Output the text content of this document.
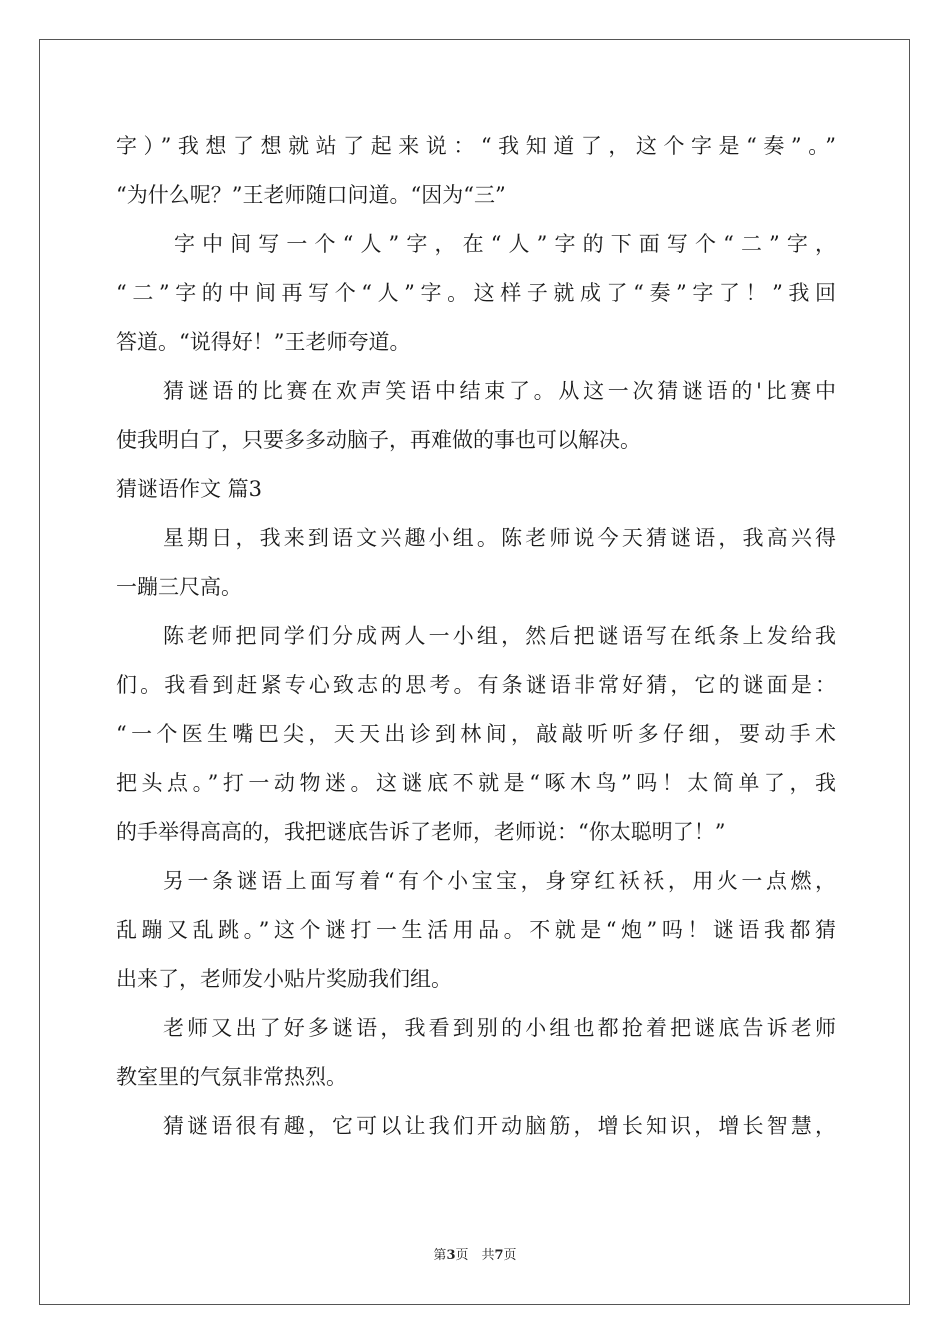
字）”我想了想就站了起来说：“我知道了，这个字是“奏”。”
“为什么呢？”王老师随口问道。“因为“三”
字中间写一个“人”字，在“人”字的下面写个“二”字，
“二”字的中间再写个“人”字。这样子就成了“奏”字了！”我回
答道。“说得好！”王老师夸道。
猜谜语的比赛在欢声笑语中结束了。从这一次猜谜语的'比赛中
使我明白了，只要多多动脑子，再难做的事也可以解决。
猜谜语作文 篇3
星期日，我来到语文兴趣小组。陈老师说今天猜谜语，我高兴得
一蹦三尺高。
陈老师把同学们分成两人一小组，然后把谜语写在纸条上发给我
们。我看到赶紧专心致志的思考。有条谜语非常好猜，它的谜面是：
“一个医生嘴巴尖，天天出诊到林间，敲敲听听多仔细，要动手术
把头点。”打一动物迷。这谜底不就是“啄木鸟”吗！太简单了，我
的手举得高高的，我把谜底告诉了老师，老师说：“你太聪明了！”
另一条谜语上面写着“有个小宝宝，身穿红袄袄，用火一点燃，
乱蹦又乱跳。”这个谜打一生活用品。不就是“炮”吗！谜语我都猜
出来了，老师发小贴片奖励我们组。
老师又出了好多谜语，我看到别的小组也都抢着把谜底告诉老师
教室里的气氛非常热烈。
猜谜语很有趣，它可以让我们开动脑筋，增长知识，增长智慧，
第3页　共7页
